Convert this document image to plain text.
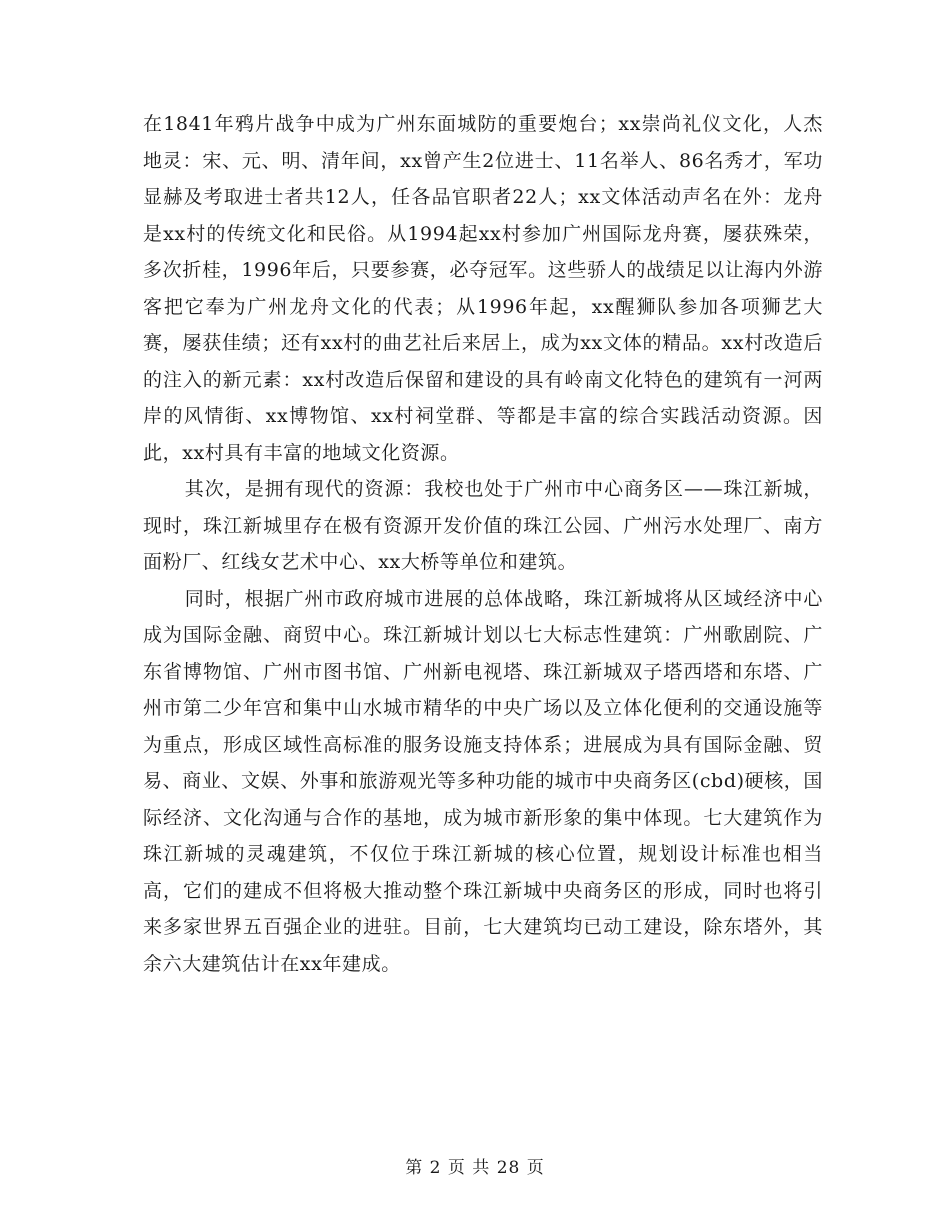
在1841年鸦片战争中成为广州东面城防的重要炮台；xx崇尚礼仪文化，人杰地灵：宋、元、明、清年间，xx曾产生2位进士、11名举人、86名秀才，军功显赫及考取进士者共12人，任各品官职者22人；xx文体活动声名在外：龙舟是xx村的传统文化和民俗。从1994起xx村参加广州国际龙舟赛，屡获殊荣，多次折桂，1996年后，只要参赛，必夺冠军。这些骄人的战绩足以让海内外游客把它奉为广州龙舟文化的代表；从1996年起，xx醒狮队参加各项狮艺大赛，屡获佳绩；还有xx村的曲艺社后来居上，成为xx文体的精品。xx村改造后的注入的新元素：xx村改造后保留和建设的具有岭南文化特色的建筑有一河两岸的风情街、xx博物馆、xx村祠堂群、等都是丰富的综合实践活动资源。因此，xx村具有丰富的地域文化资源。

其次，是拥有现代的资源：我校也处于广州市中心商务区——珠江新城，现时，珠江新城里存在极有资源开发价值的珠江公园、广州污水处理厂、南方面粉厂、红线女艺术中心、xx大桥等单位和建筑。

同时，根据广州市政府城市进展的总体战略，珠江新城将从区域经济中心成为国际金融、商贸中心。珠江新城计划以七大标志性建筑：广州歌剧院、广东省博物馆、广州市图书馆、广州新电视塔、珠江新城双子塔西塔和东塔、广州市第二少年宫和集中山水城市精华的中央广场以及立体化便利的交通设施等为重点，形成区域性高标准的服务设施支持体系；进展成为具有国际金融、贸易、商业、文娱、外事和旅游观光等多种功能的城市中央商务区(cbd)硬核，国际经济、文化沟通与合作的基地，成为城市新形象的集中体现。七大建筑作为珠江新城的灵魂建筑，不仅位于珠江新城的核心位置，规划设计标准也相当高，它们的建成不但将极大推动整个珠江新城中央商务区的形成，同时也将引来多家世界五百强企业的进驻。目前，七大建筑均已动工建设，除东塔外，其余六大建筑估计在xx年建成。

第 2 页 共 28 页
